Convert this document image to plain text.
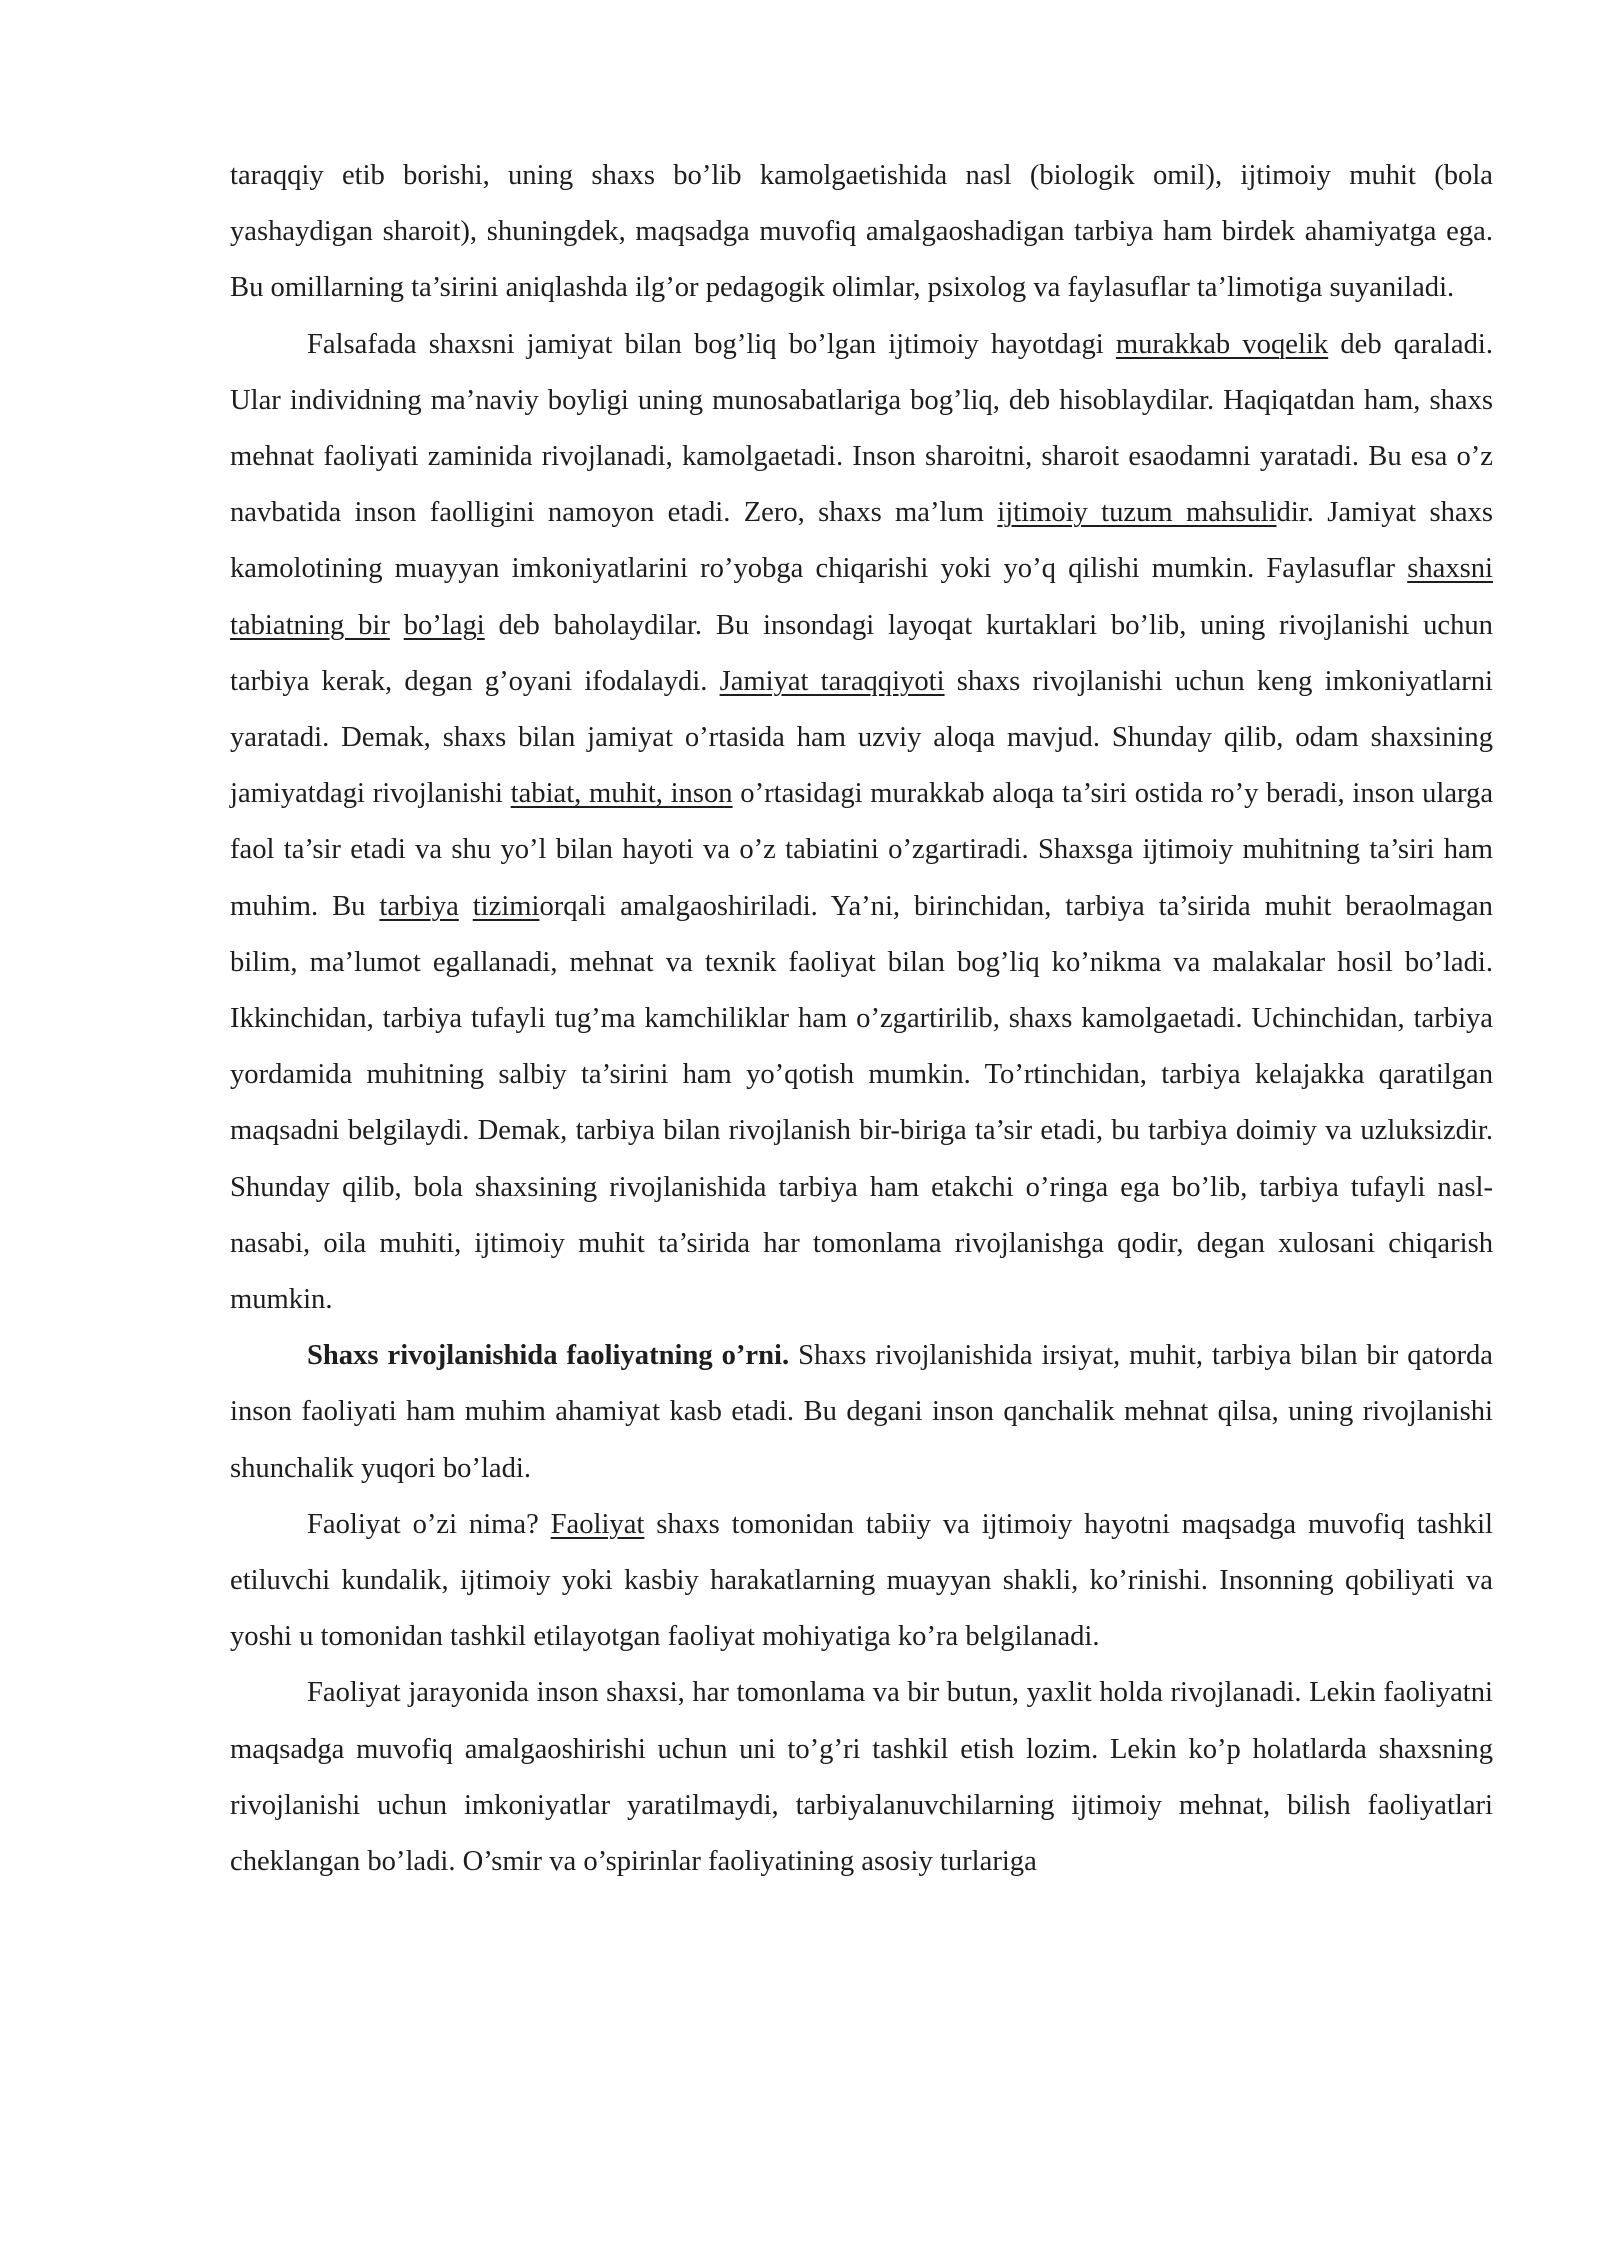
taraqqiy etib borishi, uning shaxs bo’lib kamolgaetishida nasl (biologik omil), ijtimoiy muhit (bola yashaydigan sharoit), shuningdek, maqsadga muvofiq amalgaoshadigan tarbiya ham birdek ahamiyatga ega. Bu omillarning ta’sirini aniqlashda ilg’or pedagogik olimlar, psixolog va faylasuflar ta’limotiga suyaniladi.

Falsafada shaxsni jamiyat bilan bog’liq bo’lgan ijtimoiy hayotdagi murakkab voqelik deb qaraladi. Ular individning ma’naviy boyligi uning munosabatlariga bog’liq, deb hisoblaydilar. Haqiqatdan ham, shaxs mehnat faoliyati zaminida rivojlanadi, kamolgaetadi. Inson sharoitni, sharoit esaodamni yaratadi. Bu esa o’z navbatida inson faolligini namoyon etadi. Zero, shaxs ma’lum ijtimoiy tuzum mahsulidir. Jamiyat shaxs kamolotining muayyan imkoniyatlarini ro’yobga chiqarishi yoki yo’q qilishi mumkin. Faylasuflar shaxsni tabiatning bir bo’lagi deb baholaydilar. Bu insondagi layoqat kurtaklari bo’lib, uning rivojlanishi uchun tarbiya kerak, degan g’oyani ifodalaydi. Jamiyat taraqqiyoti shaxs rivojlanishi uchun keng imkoniyatlarni yaratadi. Demak, shaxs bilan jamiyat o’rtasida ham uzviy aloqa mavjud. Shunday qilib, odam shaxsining jamiyatdagi rivojlanishi tabiat, muhit, inson o’rtasidagi murakkab aloqa ta’siri ostida ro’y beradi, inson ularga faol ta’sir etadi va shu yo’l bilan hayoti va o’z tabiatini o’zgartiradi. Shaxsga ijtimoiy muhitning ta’siri ham muhim. Bu tarbiya tizimiorqali amalgaoshiriladi. Ya’ni, birinchidan, tarbiya ta’sirida muhit beraolmagan bilim, ma’lumot egallanadi, mehnat va texnik faoliyat bilan bog’liq ko’nikma va malakalar hosil bo’ladi. Ikkinchidan, tarbiya tufayli tug’ma kamchiliklar ham o’zgartirilib, shaxs kamolgaetadi. Uchinchidan, tarbiya yordamida muhitning salbiy ta’sirini ham yo’qotish mumkin. To’rtinchidan, tarbiya kelajakka qaratilgan maqsadni belgilaydi. Demak, tarbiya bilan rivojlanish bir-biriga ta’sir etadi, bu tarbiya doimiy va uzluksizdir. Shunday qilib, bola shaxsining rivojlanishida tarbiya ham etakchi o’ringa ega bo’lib, tarbiya tufayli nasl-nasabi, oila muhiti, ijtimoiy muhit ta’sirida har tomonlama rivojlanishga qodir, degan xulosani chiqarish mumkin.

Shaxs rivojlanishida faoliyatning o’rni. Shaxs rivojlanishida irsiyat, muhit, tarbiya bilan bir qatorda inson faoliyati ham muhim ahamiyat kasb etadi. Bu degani inson qanchalik mehnat qilsa, uning rivojlanishi shunchalik yuqori bo’ladi.

Faoliyat o’zi nima? Faoliyat shaxs tomonidan tabiiy va ijtimoiy hayotni maqsadga muvofiq tashkil etiluvchi kundalik, ijtimoiy yoki kasbiy harakatlarning muayyan shakli, ko’rinishi. Insonning qobiliyati va yoshi u tomonidan tashkil etilayotgan faoliyat mohiyatiga ko’ra belgilanadi.

Faoliyat jarayonida inson shaxsi, har tomonlama va bir butun, yaxlit holda rivojlanadi. Lekin faoliyatni maqsadga muvofiq amalgaoshirishi uchun uni to’g’ri tashkil etish lozim. Lekin ko’p holatlarda shaxsning rivojlanishi uchun imkoniyatlar yaratilmaydi, tarbiyalanuvchilarning ijtimoiy mehnat, bilish faoliyatlari cheklangan bo’ladi. O’smir va o’spirinlar faoliyatining asosiy turlariga
